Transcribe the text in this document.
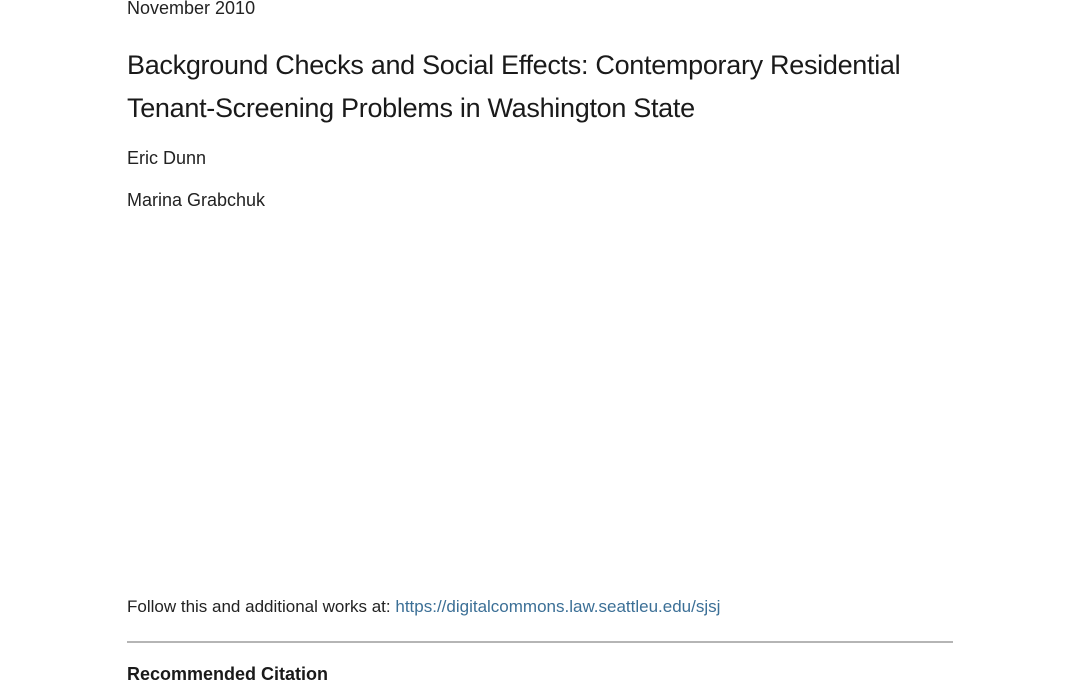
November 2010
Background Checks and Social Effects: Contemporary Residential Tenant-Screening Problems in Washington State
Eric Dunn
Marina Grabchuk
Follow this and additional works at: https://digitalcommons.law.seattleu.edu/sjsj
Recommended Citation
